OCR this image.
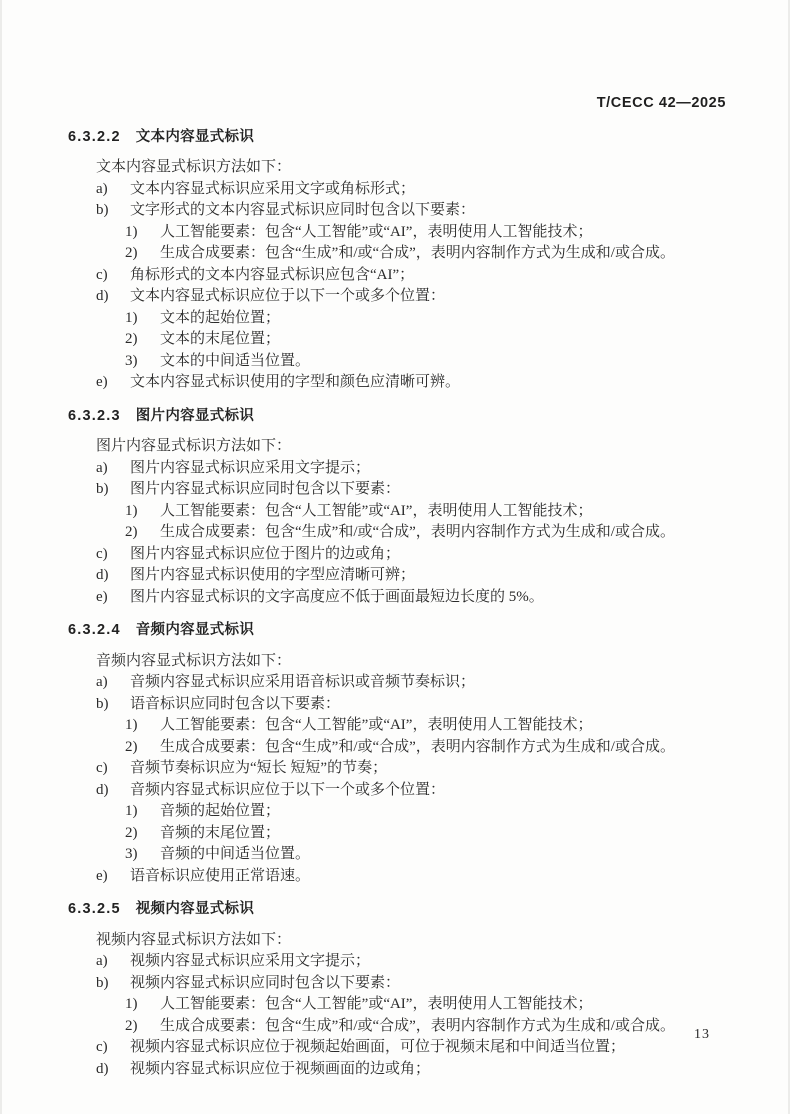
T/CECC 42—2025
6.3.2.2 文本内容显式标识

文本内容显式标识方法如下：

a)	文本内容显式标识应采用文字或角标形式；
b)	文字形式的文本内容显式标识应同时包含以下要素：
1)	人工智能要素：包含“人工智能”或“AI”，表明使用人工智能技术；
2)	生成合成要素：包含“生成”和/或“合成”，表明内容制作方式为生成和/或合成。
c)	角标形式的文本内容显式标识应包含“AI”；
d)	文本内容显式标识应位于以下一个或多个位置：
1)	文本的起始位置；
2)	文本的末尾位置；
3)	文本的中间适当位置。
e)	文本内容显式标识使用的字型和颜色应清晰可辨。
6.3.2.3 图片内容显式标识

图片内容显式标识方法如下：

a)	图片内容显式标识应采用文字提示；
b)	图片内容显式标识应同时包含以下要素：
1)	人工智能要素：包含“人工智能”或“AI”，表明使用人工智能技术；
2)	生成合成要素：包含“生成”和/或“合成”，表明内容制作方式为生成和/或合成。
c)	图片内容显式标识应位于图片的边或角；
d)	图片内容显式标识使用的字型应清晰可辨；
e)	图片内容显式标识的文字高度应不低于画面最短边长度的 5%。
6.3.2.4 音频内容显式标识

音频内容显式标识方法如下：

a)	音频内容显式标识应采用语音标识或音频节奏标识；
b)	语音标识应同时包含以下要素：
1)	人工智能要素：包含“人工智能”或“AI”，表明使用人工智能技术；
2)	生成合成要素：包含“生成”和/或“合成”，表明内容制作方式为生成和/或合成。
c)	音频节奏标识应为“短长 短短”的节奏；
d)	音频内容显式标识应位于以下一个或多个位置：
1)	音频的起始位置；
2)	音频的末尾位置；
3)	音频的中间适当位置。
e)	语音标识应使用正常语速。
6.3.2.5 视频内容显式标识

视频内容显式标识方法如下：

a)	视频内容显式标识应采用文字提示；
b)	视频内容显式标识应同时包含以下要素：
1)	人工智能要素：包含“人工智能”或“AI”，表明使用人工智能技术；
2)	生成合成要素：包含“生成”和/或“合成”，表明内容制作方式为生成和/或合成。
c)	视频内容显式标识应位于视频起始画面，可位于视频末尾和中间适当位置；
d)	视频内容显式标识应位于视频画面的边或角；
13
